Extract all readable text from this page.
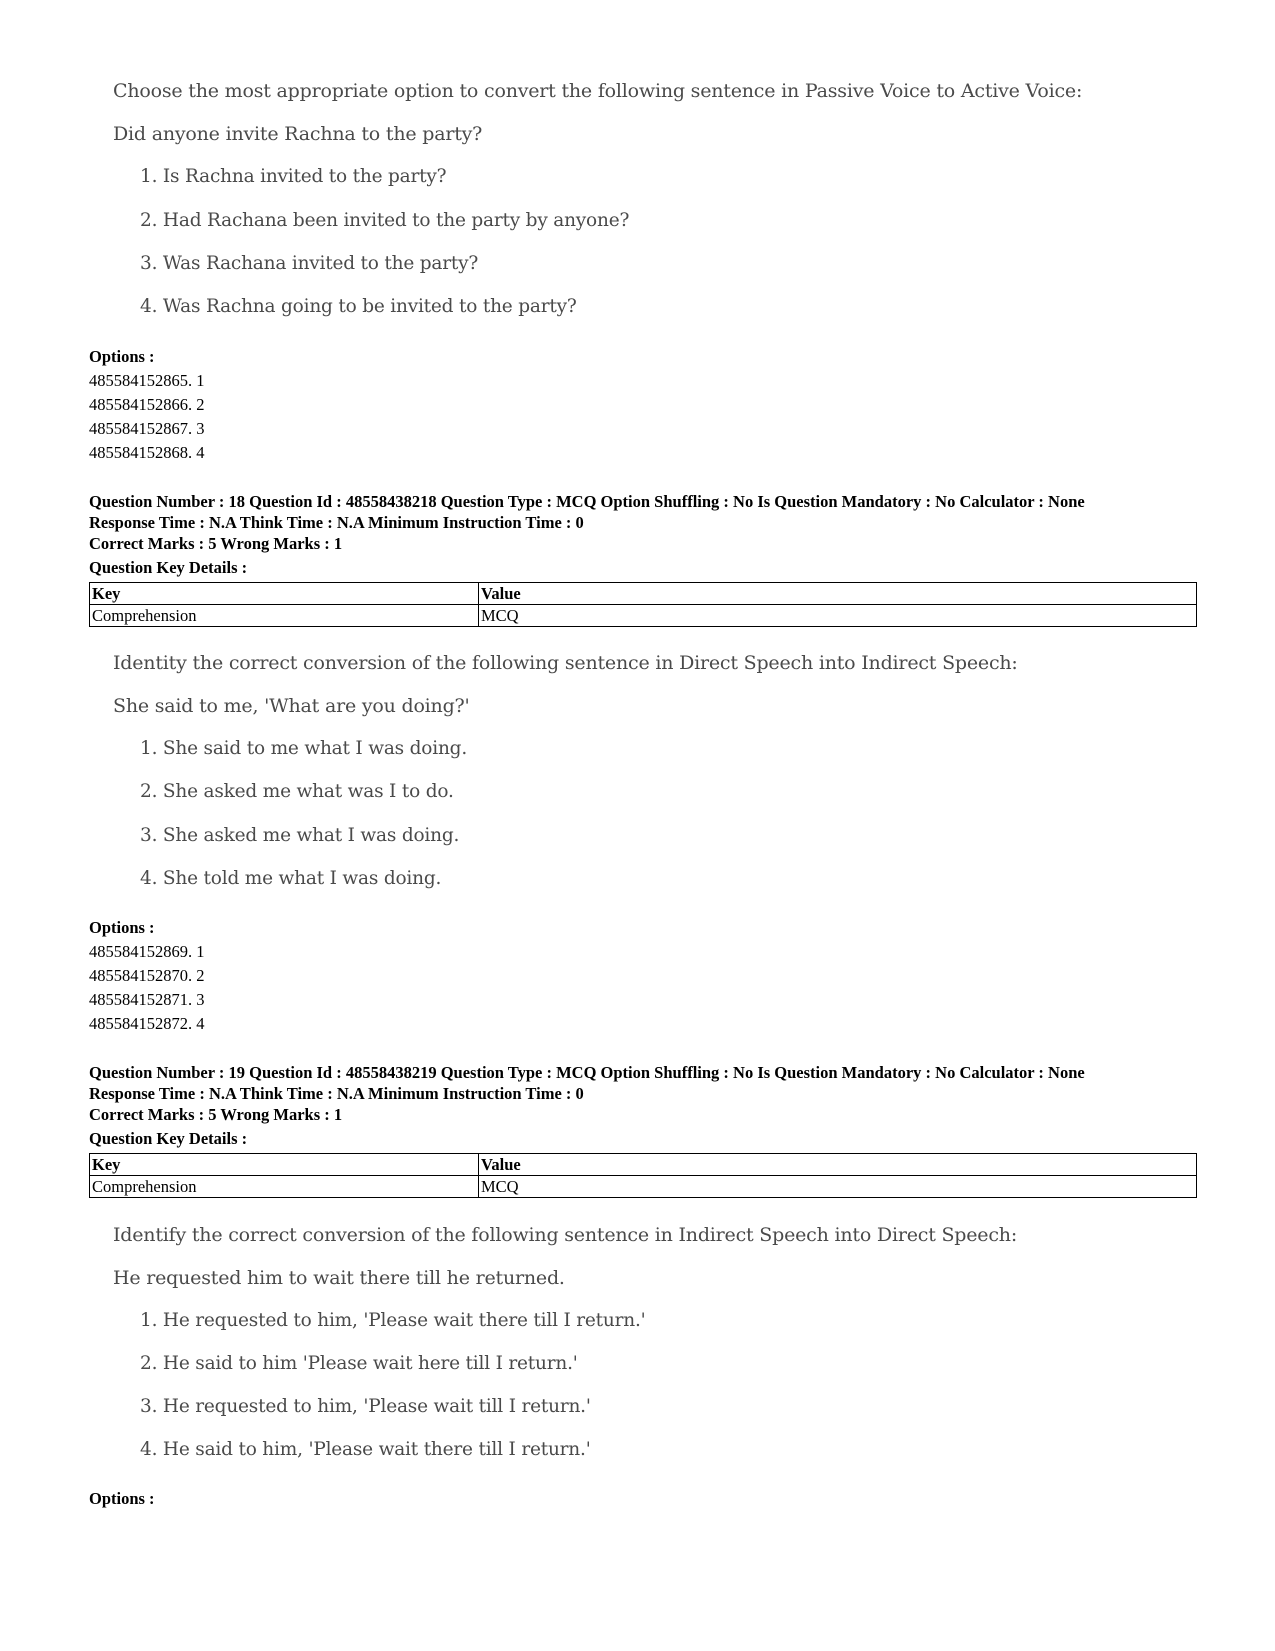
Choose the most appropriate option to convert the following sentence in Passive Voice to Active Voice:
Did anyone invite Rachna to the party?
1. Is Rachna invited to the party?
2. Had Rachana been invited to the party by anyone?
3. Was Rachana invited to the party?
4. Was Rachna going to be invited to the party?
Options :
485584152865. 1
485584152866. 2
485584152867. 3
485584152868. 4
Question Number : 18 Question Id : 48558438218 Question Type : MCQ Option Shuffling : No Is Question Mandatory : No Calculator : None
Response Time : N.A Think Time : N.A Minimum Instruction Time : 0
Correct Marks : 5 Wrong Marks : 1
Question Key Details :
Key	Value
Comprehension	MCQ
Identity the correct conversion of the following sentence in Direct Speech into Indirect Speech:
She said to me, 'What are you doing?'
1. She said to me what I was doing.
2. She asked me what was I to do.
3. She asked me what I was doing.
4. She told me what I was doing.
Options :
485584152869. 1
485584152870. 2
485584152871. 3
485584152872. 4
Question Number : 19 Question Id : 48558438219 Question Type : MCQ Option Shuffling : No Is Question Mandatory : No Calculator : None
Response Time : N.A Think Time : N.A Minimum Instruction Time : 0
Correct Marks : 5 Wrong Marks : 1
Question Key Details :
Key	Value
Comprehension	MCQ
Identify the correct conversion of the following sentence in Indirect Speech into Direct Speech:
He requested him to wait there till he returned.
1. He requested to him, 'Please wait there till I return.'
2. He said to him 'Please wait here till I return.'
3. He requested to him, 'Please wait till I return.'
4. He said to him, 'Please wait there till I return.'
Options :
